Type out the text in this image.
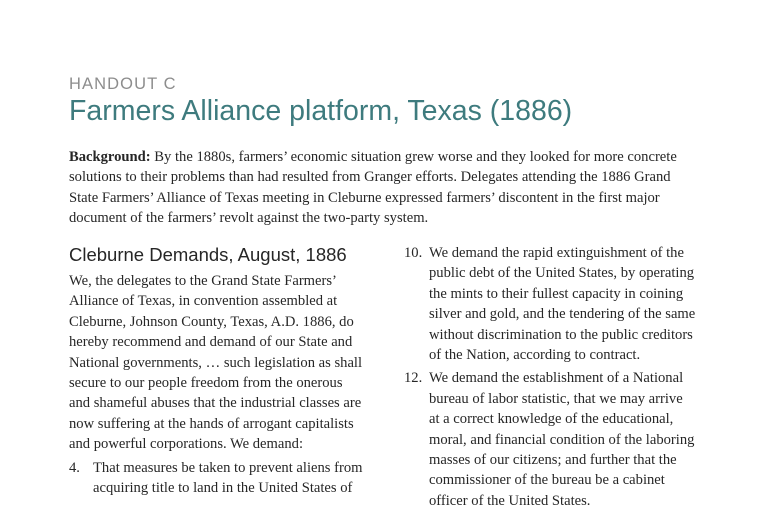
HANDOUT C
Farmers Alliance platform, Texas (1886)
Background: By the 1880s, farmers’ economic situation grew worse and they looked for more concrete
solutions to their problems than had resulted from Granger efforts. Delegates attending the 1886 Grand
State Farmers’ Alliance of Texas meeting in Cleburne expressed farmers’ discontent in the first major
document of the farmers’ revolt against the two-party system.
Cleburne Demands, August, 1886
We, the delegates to the Grand State Farmers’
Alliance of Texas, in convention assembled at
Cleburne, Johnson County, Texas, A.D. 1886, do
hereby recommend and demand of our State and
National governments, … such legislation as shall
secure to our people freedom from the onerous
and shameful abuses that the industrial classes are
now suffering at the hands of arrogant capitalists
and powerful corporations. We demand:
4. That measures be taken to prevent aliens from
acquiring title to land in the United States of
10. We demand the rapid extinguishment of the
public debt of the United States, by operating
the mints to their fullest capacity in coining
silver and gold, and the tendering of the same
without discrimination to the public creditors
of the Nation, according to contract.
12. We demand the establishment of a National
bureau of labor statistic, that we may arrive
at a correct knowledge of the educational,
moral, and financial condition of the laboring
masses of our citizens; and further that the
commissioner of the bureau be a cabinet
officer of the United States.
